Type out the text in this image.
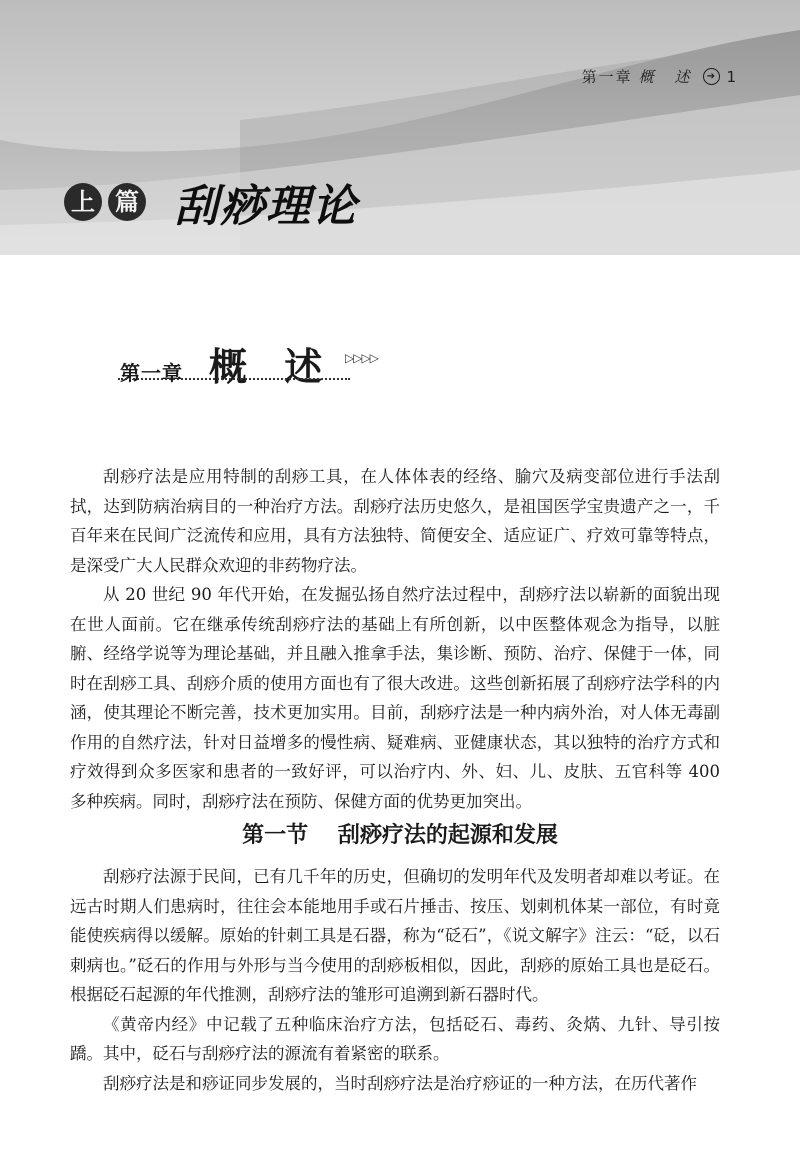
第一章 概 述 ➔ 1
上 篇 刮痧理论
第一章 概 述 ▷▷▷▷

刮痧疗法是应用特制的刮痧工具，在人体体表的经络、腧穴及病变部位进行手法刮拭，达到防病治病目的一种治疗方法。刮痧疗法历史悠久，是祖国医学宝贵遗产之一，千百年来在民间广泛流传和应用，具有方法独特、简便安全、适应证广、疗效可靠等特点，是深受广大人民群众欢迎的非药物疗法。

从 20 世纪 90 年代开始，在发掘弘扬自然疗法过程中，刮痧疗法以崭新的面貌出现在世人面前。它在继承传统刮痧疗法的基础上有所创新，以中医整体观念为指导，以脏腑、经络学说等为理论基础，并且融入推拿手法，集诊断、预防、治疗、保健于一体，同时在刮痧工具、刮痧介质的使用方面也有了很大改进。这些创新拓展了刮痧疗法学科的内涵，使其理论不断完善，技术更加实用。目前，刮痧疗法是一种内病外治，对人体无毒副作用的自然疗法，针对日益增多的慢性病、疑难病、亚健康状态，其以独特的治疗方式和疗效得到众多医家和患者的一致好评，可以治疗内、外、妇、儿、皮肤、五官科等 400 多种疾病。同时，刮痧疗法在预防、保健方面的优势更加突出。

第一节 刮痧疗法的起源和发展

刮痧疗法源于民间，已有几千年的历史，但确切的发明年代及发明者却难以考证。在远古时期人们患病时，往往会本能地用手或石片捶击、按压、划刺机体某一部位，有时竟能使疾病得以缓解。原始的针刺工具是石器，称为“砭石”，《说文解字》注云：“砭，以石刺病也。”砭石的作用与外形与当今使用的刮痧板相似，因此，刮痧的原始工具也是砭石。根据砭石起源的年代推测，刮痧疗法的雏形可追溯到新石器时代。

《黄帝内经》中记载了五种临床治疗方法，包括砭石、毒药、灸焫、九针、导引按蹻。其中，砭石与刮痧疗法的源流有着紧密的联系。

刮痧疗法是和痧证同步发展的，当时刮痧疗法是治疗痧证的一种方法，在历代著作
